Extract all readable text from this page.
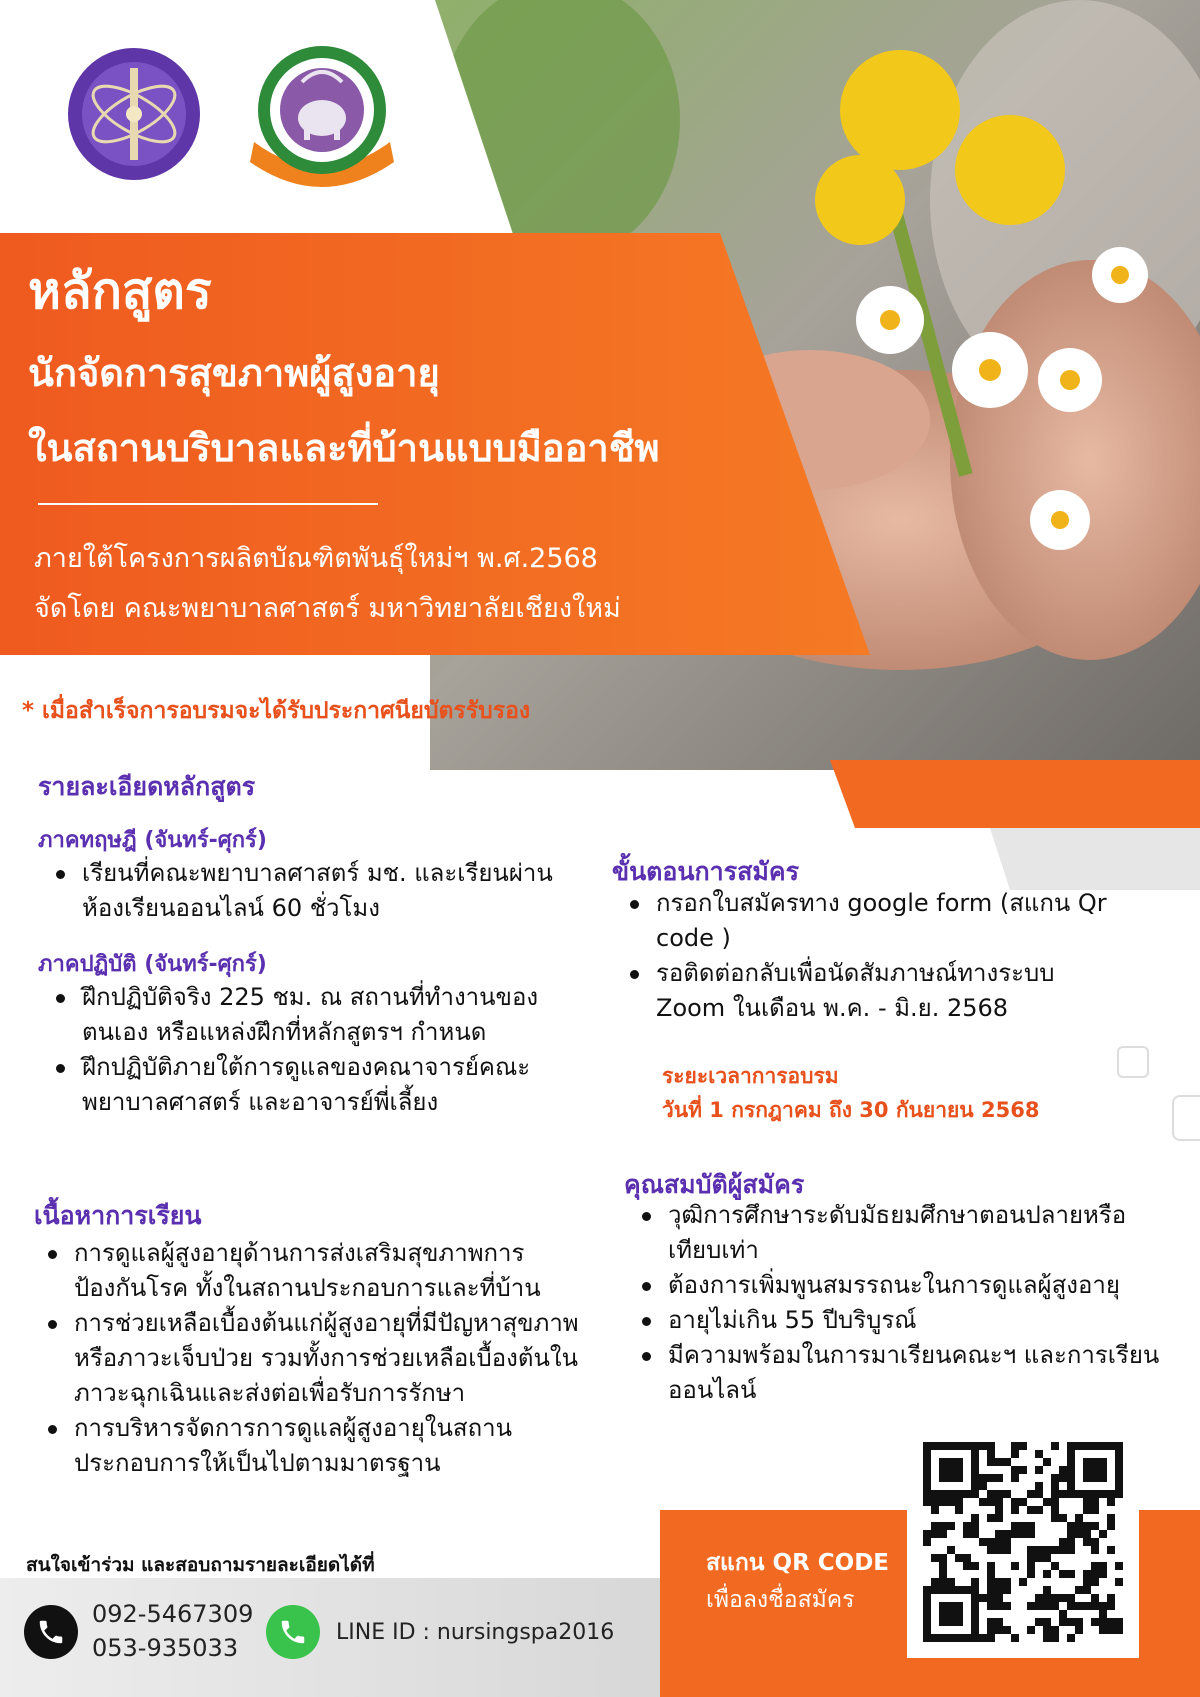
หลักสูตร
นักจัดการสุขภาพผู้สูงอายุ
ในสถานบริบาลและที่บ้านแบบมืออาชีพ
ภายใต้โครงการผลิตบัณฑิตพันธุ์ใหม่ฯ พ.ศ.2568
จัดโดย คณะพยาบาลศาสตร์ มหาวิทยาลัยเชียงใหม่
* เมื่อสำเร็จการอบรมจะได้รับประกาศนียบัตรรับรอง
รายละเอียดหลักสูตร
ภาคทฤษฎี (จันทร์-ศุกร์)
เรียนที่คณะพยาบาลศาสตร์ มช. และเรียนผ่านห้องเรียนออนไลน์ 60 ชั่วโมง
ภาคปฏิบัติ (จันทร์-ศุกร์)
ฝึกปฏิบัติจริง 225 ชม. ณ สถานที่ทำงานของตนเอง หรือแหล่งฝึกที่หลักสูตรฯ กำหนด
ฝึกปฏิบัติภายใต้การดูแลของคณาจารย์คณะพยาบาลศาสตร์ และอาจารย์พี่เลี้ยง
เนื้อหาการเรียน
การดูแลผู้สูงอายุด้านการส่งเสริมสุขภาพการป้องกันโรค ทั้งในสถานประกอบการและที่บ้าน
การช่วยเหลือเบื้องต้นแก่ผู้สูงอายุที่มีปัญหาสุขภาพ หรือภาวะเจ็บป่วย รวมทั้งการช่วยเหลือเบื้องต้นในภาวะฉุกเฉินและส่งต่อเพื่อรับการรักษา
การบริหารจัดการการดูแลผู้สูงอายุในสถานประกอบการให้เป็นไปตามมาตรฐาน
ขั้นตอนการสมัคร
กรอกใบสมัครทาง google form (สแกน Qr code )
รอติดต่อกลับเพื่อนัดสัมภาษณ์ทางระบบ Zoom ในเดือน พ.ค. - มิ.ย. 2568
ระยะเวลาการอบรม
วันที่ 1 กรกฎาคม ถึง 30 กันยายน 2568
คุณสมบัติผู้สมัคร
วุฒิการศึกษาระดับมัธยมศึกษาตอนปลายหรือเทียบเท่า
ต้องการเพิ่มพูนสมรรถนะในการดูแลผู้สูงอายุ
อายุไม่เกิน 55 ปีบริบูรณ์
มีความพร้อมในการมาเรียนคณะฯ และการเรียนออนไลน์
สนใจเข้าร่วม และสอบถามรายละเอียดได้ที่
092-5467309
053-935033
LINE ID : nursingspa2016
สแกน QR CODE
เพื่อลงชื่อสมัคร
